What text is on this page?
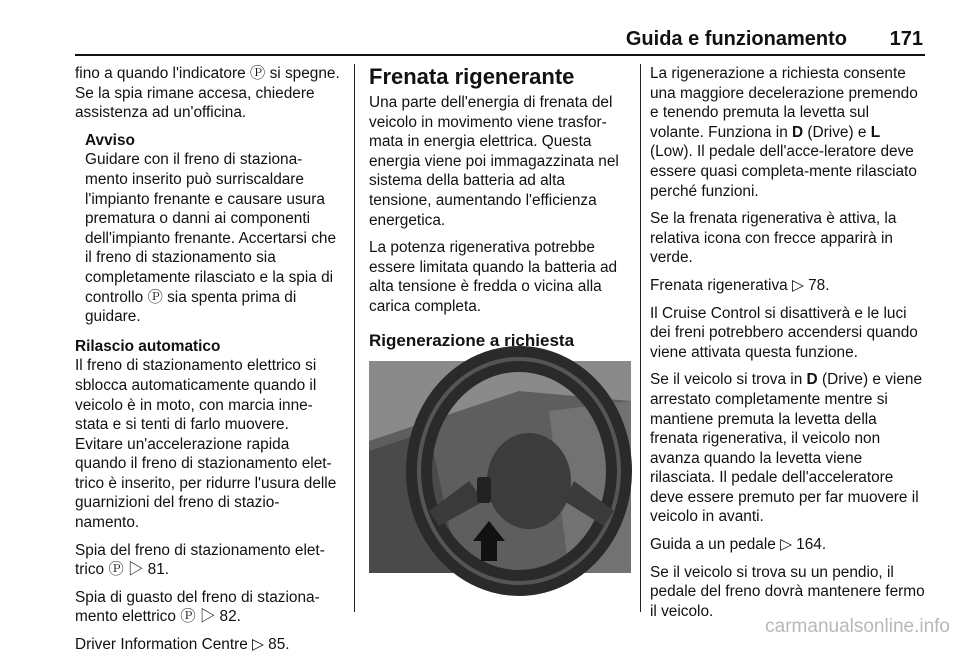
Guida e funzionamento 171

fino a quando l'indicatore Ⓟ si spegne. Se la spia rimane accesa, chiedere assistenza ad un'officina.

Avviso
Guidare con il freno di staziona-mento inserito può surriscaldare l'impianto frenante e causare usura prematura o danni ai componenti dell'impianto frenante. Accertarsi che il freno di stazionamento sia completamente rilasciato e la spia di controllo Ⓟ sia spenta prima di guidare.
Rilascio automatico

Il freno di stazionamento elettrico si sblocca automaticamente quando il veicolo è in moto, con marcia inne-stata e si tenti di farlo muovere.

Evitare un'accelerazione rapida quando il freno di stazionamento elet-trico è inserito, per ridurre l'usura delle guarnizioni del freno di stazio-namento.

Spia del freno di stazionamento elet-trico Ⓟ ▷ 81.

Spia di guasto del freno di staziona-mento elettrico Ⓟ ▷ 82.

Driver Information Centre ▷ 85.

Frenata rigenerante

Una parte dell'energia di frenata del veicolo in movimento viene trasfor-mata in energia elettrica. Questa energia viene poi immagazzinata nel sistema della batteria ad alta tensione, aumentando l'efficienza energetica.

La potenza rigenerativa potrebbe essere limitata quando la batteria ad alta tensione è fredda o vicina alla carica completa.

Rigenerazione a richiesta

La rigenerazione a richiesta consente una maggiore decelerazione premendo e tenendo premuta la levetta sul volante. Funziona in D (Drive) e L (Low). Il pedale dell'acce-leratore deve essere quasi completa-mente rilasciato perché funzioni.

Se la frenata rigenerativa è attiva, la relativa icona con frecce apparirà in verde.

Frenata rigenerativa ▷ 78.

Il Cruise Control si disattiverà e le luci dei freni potrebbero accendersi quando viene attivata questa funzione.

Se il veicolo si trova in D (Drive) e viene arrestato completamente mentre si mantiene premuta la levetta della frenata rigenerativa, il veicolo non avanza quando la levetta viene rilasciata. Il pedale dell'acceleratore deve essere premuto per far muovere il veicolo in avanti.

Guida a un pedale ▷ 164.

Se il veicolo si trova su un pendio, il pedale del freno dovrà mantenere fermo il veicolo.

carmanualsonline.info
